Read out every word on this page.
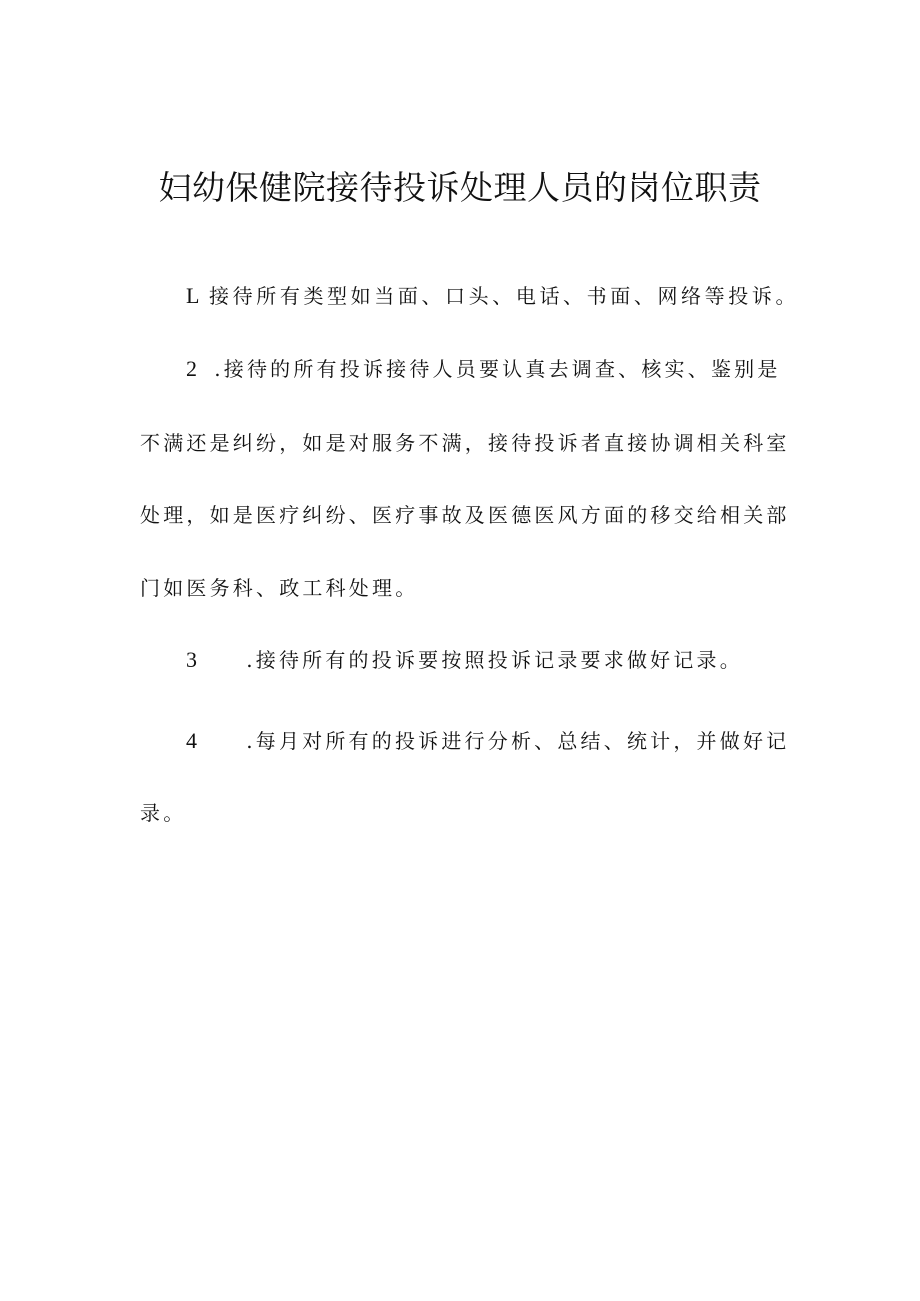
妇幼保健院接待投诉处理人员的岗位职责
L 接待所有类型如当面、口头、电话、书面、网络等投诉。
2 .接待的所有投诉接待人员要认真去调查、核实、鉴别是
不满还是纠纷，如是对服务不满，接待投诉者直接协调相关科室
处理，如是医疗纠纷、医疗事故及医德医风方面的移交给相关部
门如医务科、政工科处理。
3 .接待所有的投诉要按照投诉记录要求做好记录。
4 .每月对所有的投诉进行分析、总结、统计，并做好记
录。
